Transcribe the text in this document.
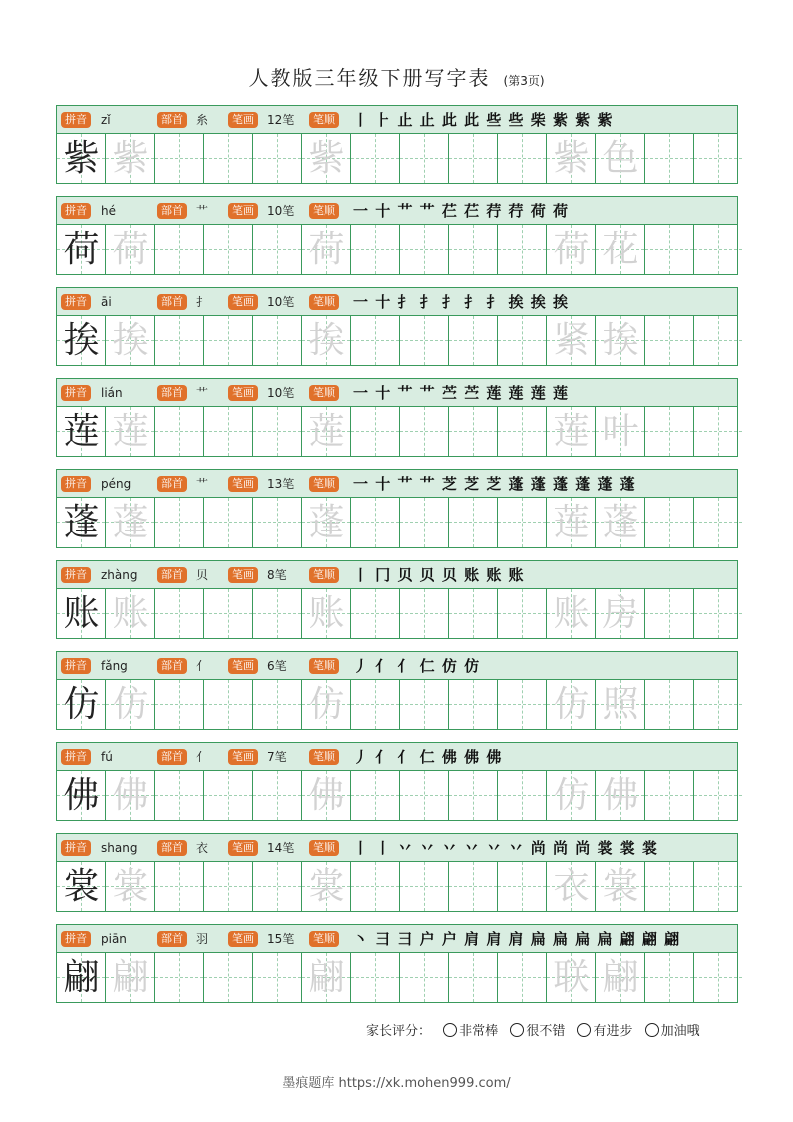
人教版三年级下册写字表 (第3页)
拼音	zǐ	部首	糸	笔画	12笔	笔顺 丨 ⺊ 止 止 此 此 些 些 柴 紫 紫 紫
紫 紫	紫	紫 色
拼音	hé	部首	艹	笔画	10笔	笔顺 一 十 艹 艹 芢 芢 荇 荇 荷 荷
荷 荷	荷	荷 花
拼音	āi	部首	扌	笔画	10笔	笔顺 一 十 扌 扌 扌 扌 扌 挨 挨 挨
挨 挨	挨	紧 挨
拼音	lián	部首	艹	笔画	10笔	笔顺 一 十 艹 艹 苎 苎 莲 莲 莲 莲
莲 莲	莲	莲 叶
拼音	péng	部首	艹	笔画	13笔	笔顺 一 十 艹 艹 芝 芝 芝 蓬 蓬 蓬 蓬 蓬 蓬
蓬 蓬	蓬	莲 蓬
拼音	zhàng	部首	贝	笔画	8笔	笔顺 丨 冂 贝 贝 贝 账 账 账
账 账	账	账 房
拼音	fǎng	部首	亻	笔画	6笔	笔顺 丿 亻 亻 仁 仿 仿
仿 仿	仿	仿 照
拼音	fú	部首	亻	笔画	7笔	笔顺 丿 亻 亻 仁 佛 佛 佛
佛 佛	佛	仿 佛
拼音	shang	部首	衣	笔画	14笔	笔顺 丨 丨 丷 丷 丷 丷 丷 丷 尚 尚 尚 裳 裳 裳
裳 裳	裳	衣 裳
拼音	piān	部首	羽	笔画	15笔	笔顺 丶 彐 彐 户 户 肩 肩 肩 扁 扁 扁 扁 翩 翩 翩
翩 翩	翩	联 翩
家长评分： 非常棒 很不错 有进步 加油哦
墨痕题库 https://xk.mohen999.com/
